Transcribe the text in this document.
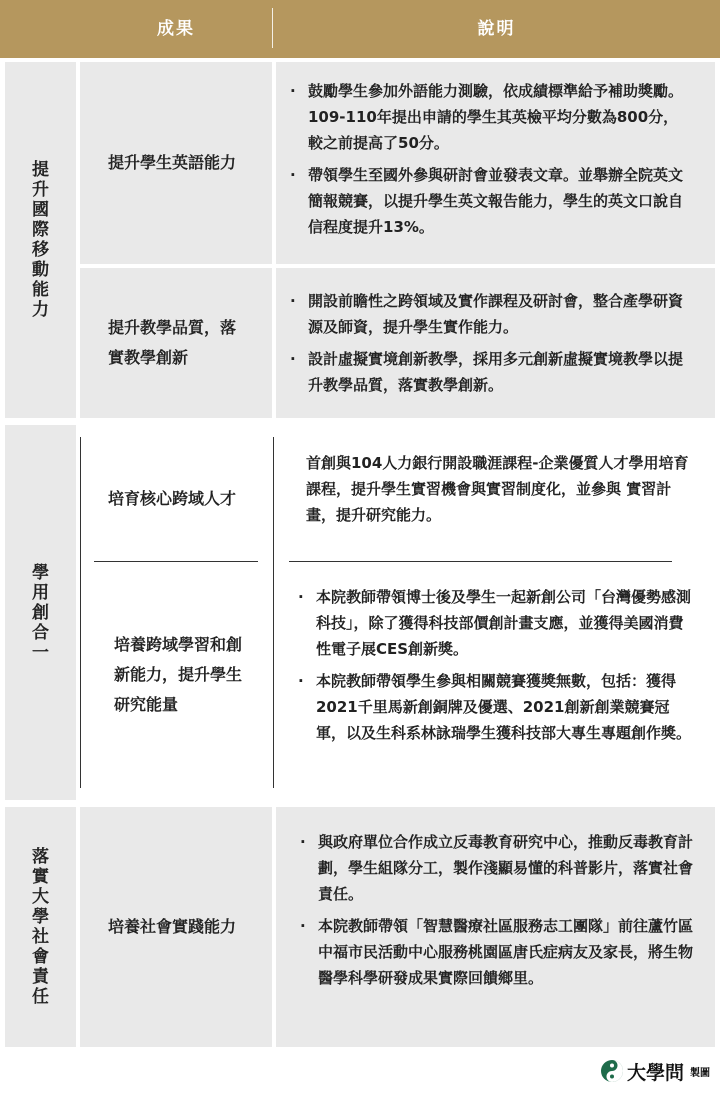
成果	說明
提升國際移動能力
提升學生英語能力

· 鼓勵學生參加外語能力測驗，依成績標準給予補助獎勵。109-110年提出申請的學生其英檢平均分數為800分，較之前提高了50分。

· 帶領學生至國外參與研討會並發表文章。並舉辦全院英文簡報競賽，以提升學生英文報告能力，學生的英文口說自信程度提升13%。

提升教學品質，落實教學創新

· 開設前瞻性之跨領域及實作課程及研討會，整合產學研資源及師資，提升學生實作能力。

· 設計虛擬實境創新教學，採用多元創新虛擬實境教學以提升教學品質，落實教學創新。

學用創合一
培育核心跨域人才
首創與104人力銀行開設職涯課程-企業優質人才學用培育課程，提升學生實習機會與實習制度化，並參與 實習計畫，提升研究能力。
培養跨域學習和創新能力，提升學生研究能量

· 本院教師帶領博士後及學生一起新創公司「台灣優勢感測科技」，除了獲得科技部價創計畫支應，並獲得美國消費性電子展CES創新獎。

· 本院教師帶領學生參與相關競賽獲獎無數，包括：獲得2021千里馬新創銅牌及優選、2021創新創業競賽冠軍，以及生科系林詠瑞學生獲科技部大專生專題創作獎。

落實大學社會責任
培養社會實踐能力

· 與政府單位合作成立反毒教育研究中心，推動反毒教育計劃，學生組隊分工，製作淺顯易懂的科普影片，落實社會責任。

· 本院教師帶領「智慧醫療社區服務志工團隊」前往蘆竹區中福市民活動中心服務桃園區唐氏症病友及家長，將生物醫學科學研發成果實際回饋鄉里。

大學問 製圖
